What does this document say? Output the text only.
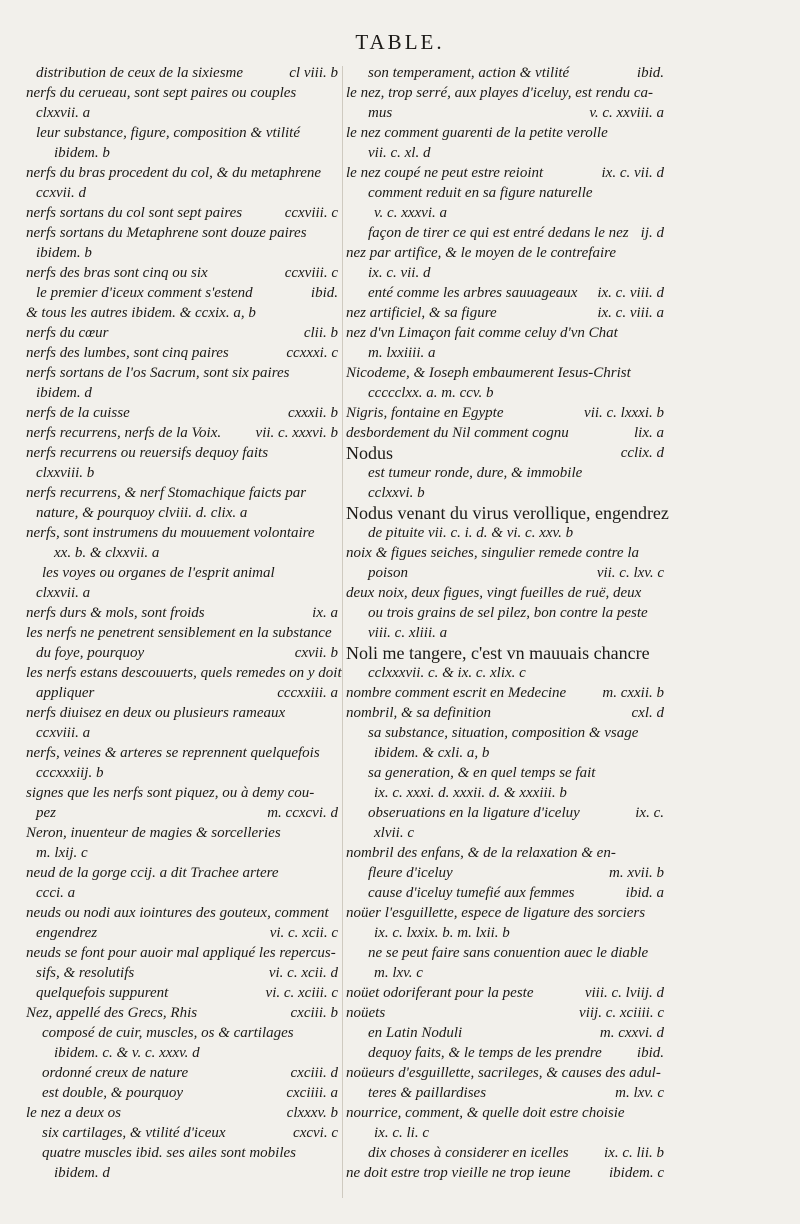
TABLE.
distribution de ceux de la sixiesme	cl viii. b
nerfs du cerueau, sont sept paires ou couples
clxxvii. a
leur substance, figure, composition & vtilité
ibidem. b
nerfs du bras procedent du col, & du metaphrene
ccxvii. d
nerfs sortans du col sont sept paires	ccxviii. c
nerfs sortans du Metaphrene sont douze paires
ibidem. b
nerfs des bras sont cinq ou six	ccxviii. c
le premier d'iceux comment s'estend	ibid.
& tous les autres ibidem. & ccxix. a, b
nerfs du cœur	clii. b
nerfs des lumbes, sont cinq paires	ccxxxi. c
nerfs sortans de l'os Sacrum, sont six paires
ibidem. d
nerfs de la cuisse	cxxxii. b
nerfs recurrens, nerfs de la Voix. vii. c. xxxvi. b
nerfs recurrens ou reuersifs dequoy faits
clxxviii. b
nerfs recurrens, & nerf Stomachique faicts par
nature, & pourquoy clviii. d. clix. a
nerfs, sont instrumens du mouuement volontaire
xx. b. & clxxvii. a
les voyes ou organes de l'esprit animal
clxxvii. a
nerfs durs & mols, sont froids	ix. a
les nerfs ne penetrent sensiblement en la substance
du foye, pourquoy	cxvii. b
les nerfs estans descouuerts, quels remedes on y doit
appliquer	cccxxiii. a
nerfs diuisez en deux ou plusieurs rameaux
ccxviii. a
nerfs, veines & arteres se reprennent quelquefois
cccxxxiij. b
signes que les nerfs sont piquez, ou à demy cou-
pez	m. ccxcvi. d
Neron, inuenteur de magies & sorcelleries
m. lxij. c
neud de la gorge ccij. a dit Trachee artere
ccci. a
neuds ou nodi aux iointures des gouteux, comment
engendrez	vi. c. xcii. c
neuds se font pour auoir mal appliqué les repercus-
sifs, & resolutifs	vi. c. xcii. d
quelquefois suppurent	vi. c. xciii. c
Nez, appellé des Grecs, Rhis	cxciii. b
composé de cuir, muscles, os & cartilages
ibidem. c. & v. c. xxxv. d
ordonné creux de nature	cxciii. d
est double, & pourquoy	cxciiii. a
le nez a deux os	clxxxv. b
six cartilages, & vtilité d'iceux	cxcvi. c
quatre muscles ibid. ses ailes sont mobiles
ibidem. d
son temperament, action & vtilité	ibid.
le nez, trop serré, aux playes d'iceluy, est rendu ca-
mus	v. c. xxviii. a
le nez comment guarenti de la petite verolle
vii. c. xl. d
le nez coupé ne peut estre reioint	ix. c. vii. d
comment reduit en sa figure naturelle
v. c. xxxvi. a
façon de tirer ce qui est entré dedans le nez ij. d
nez par artifice, & le moyen de le contrefaire
ix. c. vii. d
enté comme les arbres sauuageaux ix. c. viii. d
nez artificiel, & sa figure	ix. c. viii. a
nez d'vn Limaçon fait comme celuy d'vn Chat
m. lxxiiii. a
Nicodeme, & Ioseph embaumerent Iesus-Christ
ccccclxx. a. m. ccv. b
Nigris, fontaine en Egypte	vii. c. lxxxi. b
desbordement du Nil comment cognu	lix. a
Nodus	cclix. d
est tumeur ronde, dure, & immobile
cclxxvi. b
Nodus venant du virus verollique, engendrez
de pituite vii. c. i. d. & vi. c. xxv. b
noix & figues seiches, singulier remede contre la
poison	vii. c. lxv. c
deux noix, deux figues, vingt fueilles de ruë, deux
ou trois grains de sel pilez, bon contre la peste
viii. c. xliii. a
Noli me tangere, c'est vn mauuais chancre
cclxxxvii. c. & ix. c. xlix. c
nombre comment escrit en Medecine m. cxxii. b
nombril, & sa definition	cxl. d
sa substance, situation, composition & vsage
ibidem. & cxli. a, b
sa generation, & en quel temps se fait
ix. c. xxxi. d. xxxii. d. & xxxiii. b
obseruations en la ligature d'iceluy	ix. c.
xlvii. c
nombril des enfans, & de la relaxation & en-
fleure d'iceluy	m. xvii. b
cause d'iceluy tumefié aux femmes	ibid. a
noüer l'esguillette, espece de ligature des sorciers
ix. c. lxxix. b. m. lxii. b
ne se peut faire sans conuention auec le diable
m. lxv. c
noüet odoriferant pour la peste	viii. c. lviij. d
noüets	viij. c. xciiii. c
en Latin Noduli	m. cxxvi. d
dequoy faits, & le temps de les prendre ibid.
noüeurs d'esguillette, sacrileges, & causes des adul-
teres & paillardises	m. lxv. c
nourrice, comment, & quelle doit estre choisie
ix. c. li. c
dix choses à considerer en icelles ix. c. lii. b
ne doit estre trop vieille ne trop ieune	ibidem. c
